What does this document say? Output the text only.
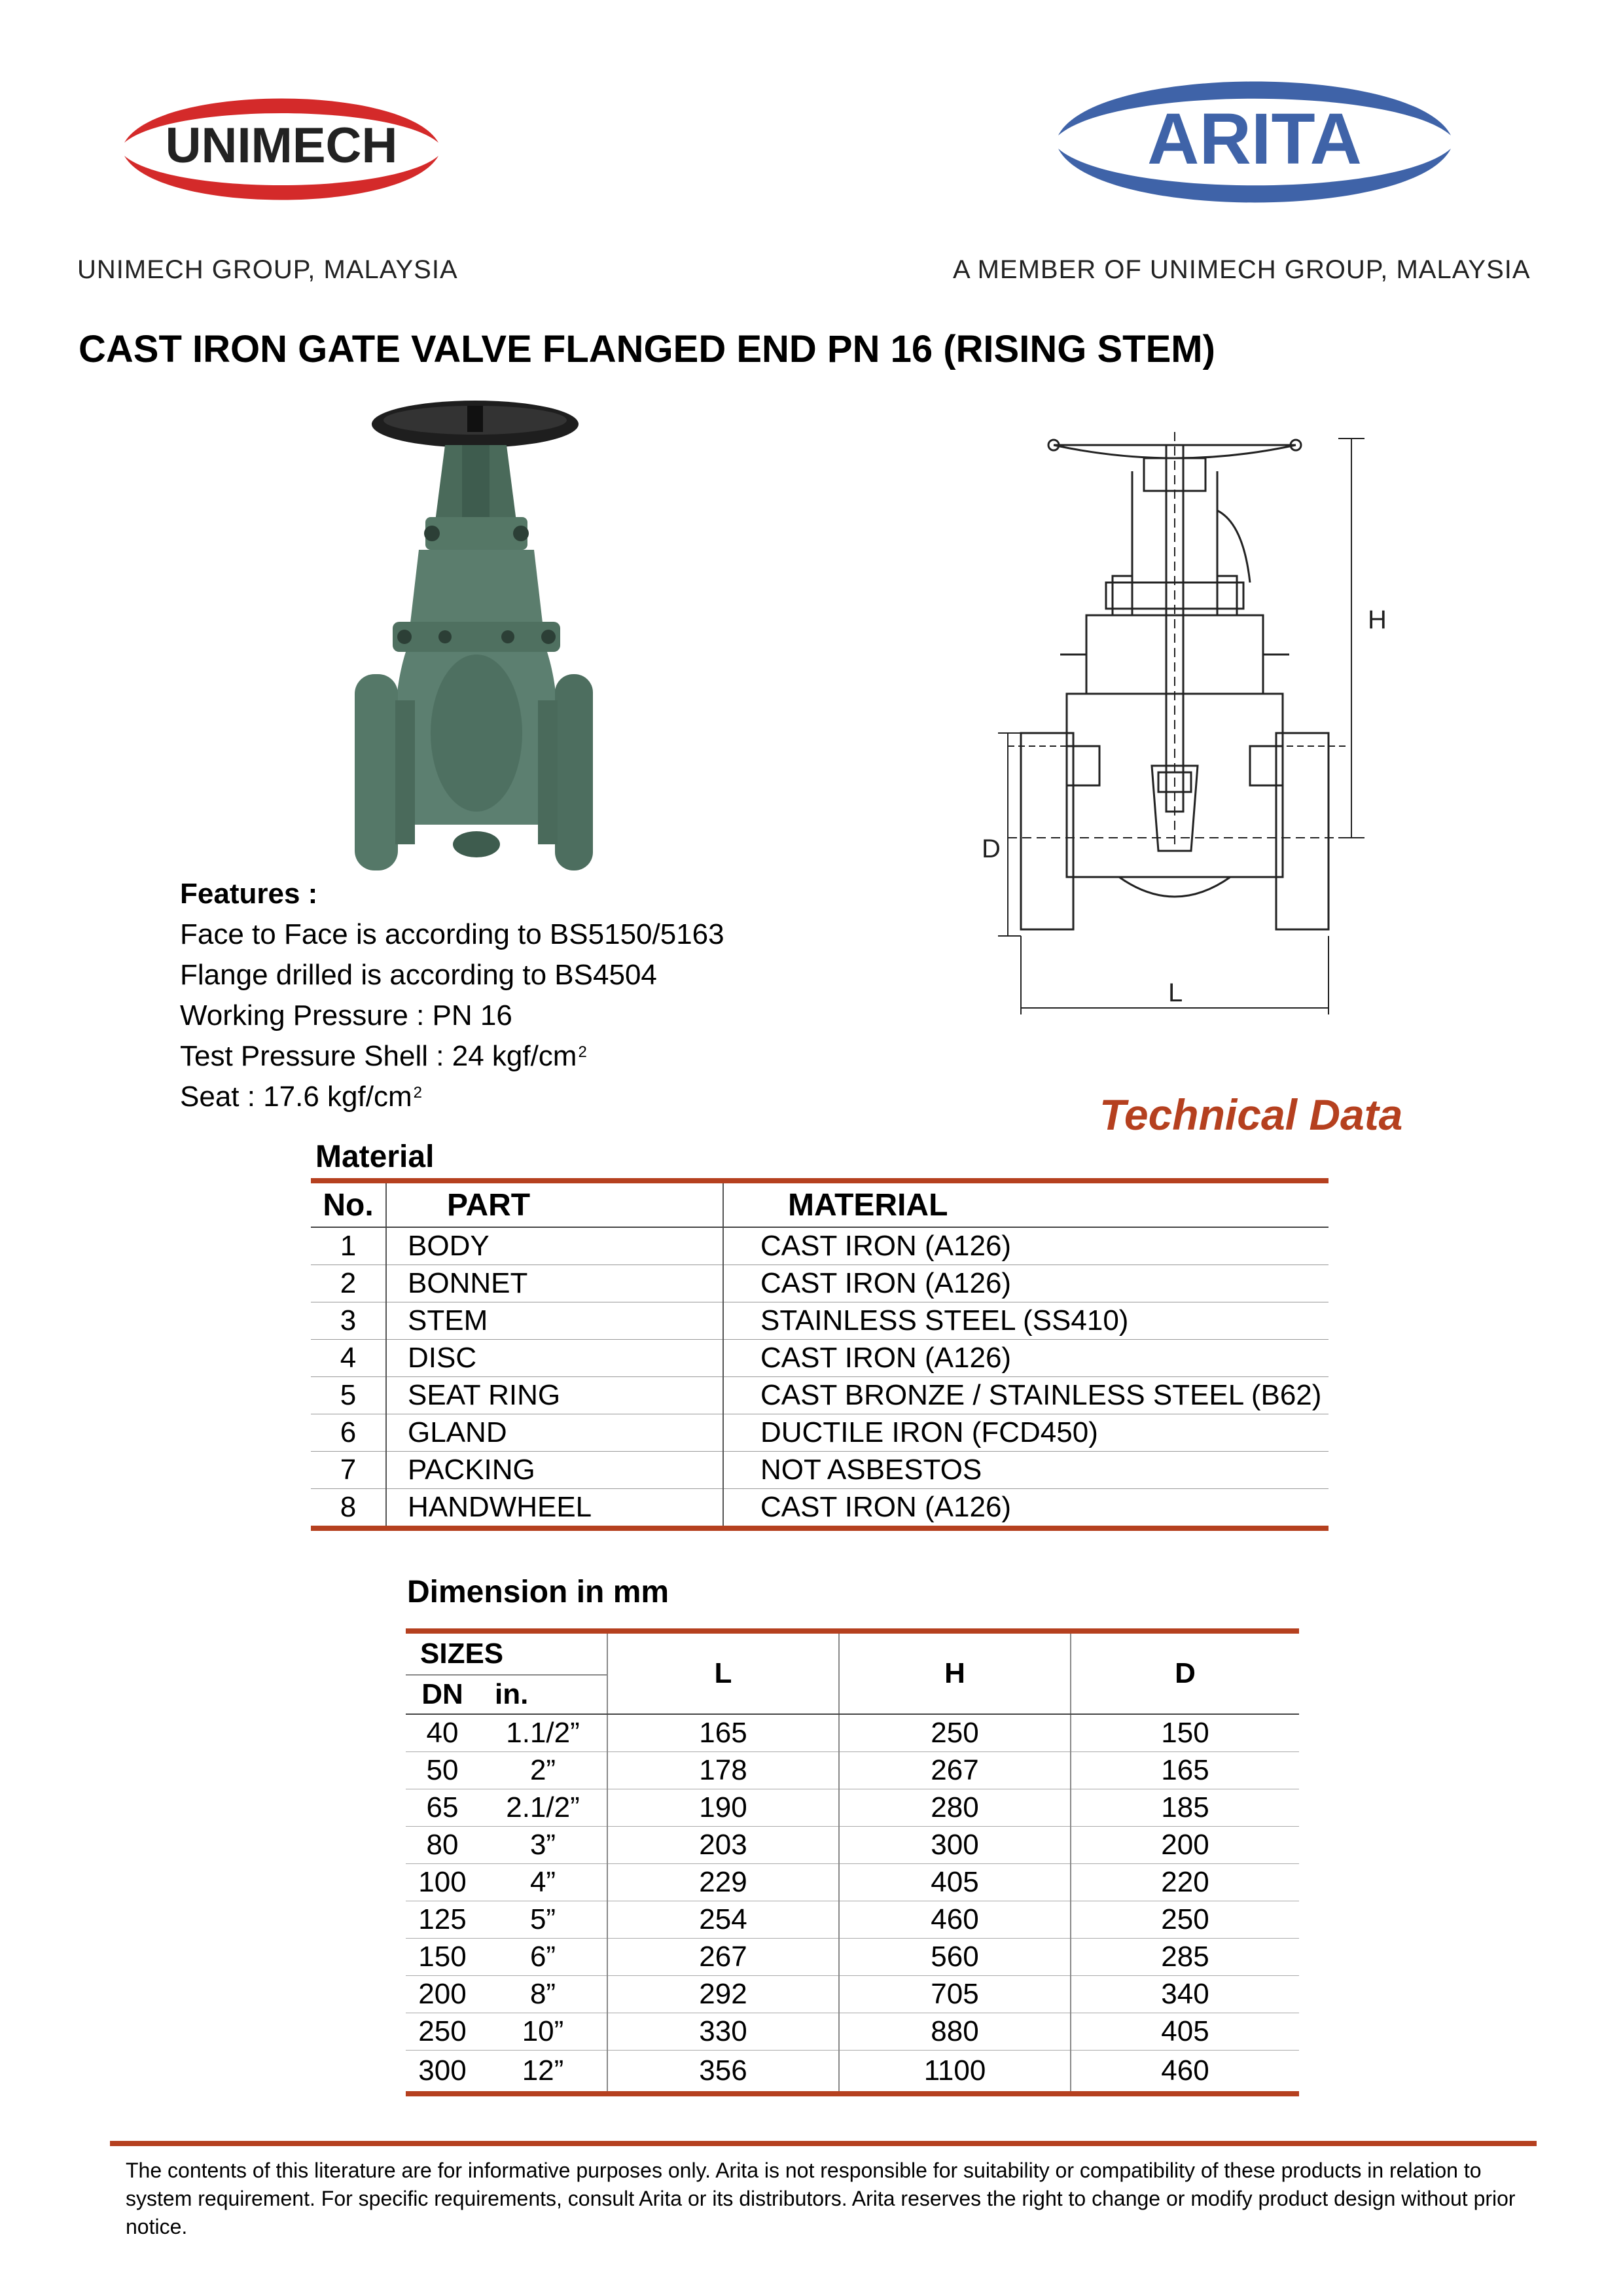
UNIMECH
UNIMECH GROUP, MALAYSIA
ARITA
A MEMBER OF UNIMECH GROUP, MALAYSIA
CAST IRON GATE VALVE FLANGED END PN 16 (RISING STEM)
H
D
L
Features :
Face to Face is according to BS5150/5163
Flange drilled is according to BS4504
Working Pressure : PN 16
Test Pressure Shell : 24 kgf/$cm^2$
Seat : 17.6 kgf/$cm^2$	Technical Data
Material
No.	PART	MATERIAL
1	BODY	CAST IRON (A126)
2	BONNET	CAST IRON (A126)
3	STEM	STAINLESS STEEL (SS410)
4	DISC	CAST IRON (A126)
5	SEAT RING	CAST BRONZE / STAINLESS STEEL (B62)
6	GLAND	DUCTILE IRON (FCD450)
7	PACKING	NOT ASBESTOS
8	HANDWHEEL	CAST IRON (A126)
Dimension in mm
SIZES		L	H	D
DN	in.			
40	1.1/2”	165	250	150
50	2”	178	267	165
65	2.1/2”	190	280	185
80	3”	203	300	200
100	4”	229	405	220
125	5”	254	460	250
150	6”	267	560	285
200	8”	292	705	340
250	10”	330	880	405
300	12”	356	1100	460
The contents of this literature are for informative purposes only. Arita is not responsible for suitability or compatibility of these products in relation to system requirement. For specific requirements, consult Arita or its distributors. Arita reserves the right to change or modify product design without prior notice.
